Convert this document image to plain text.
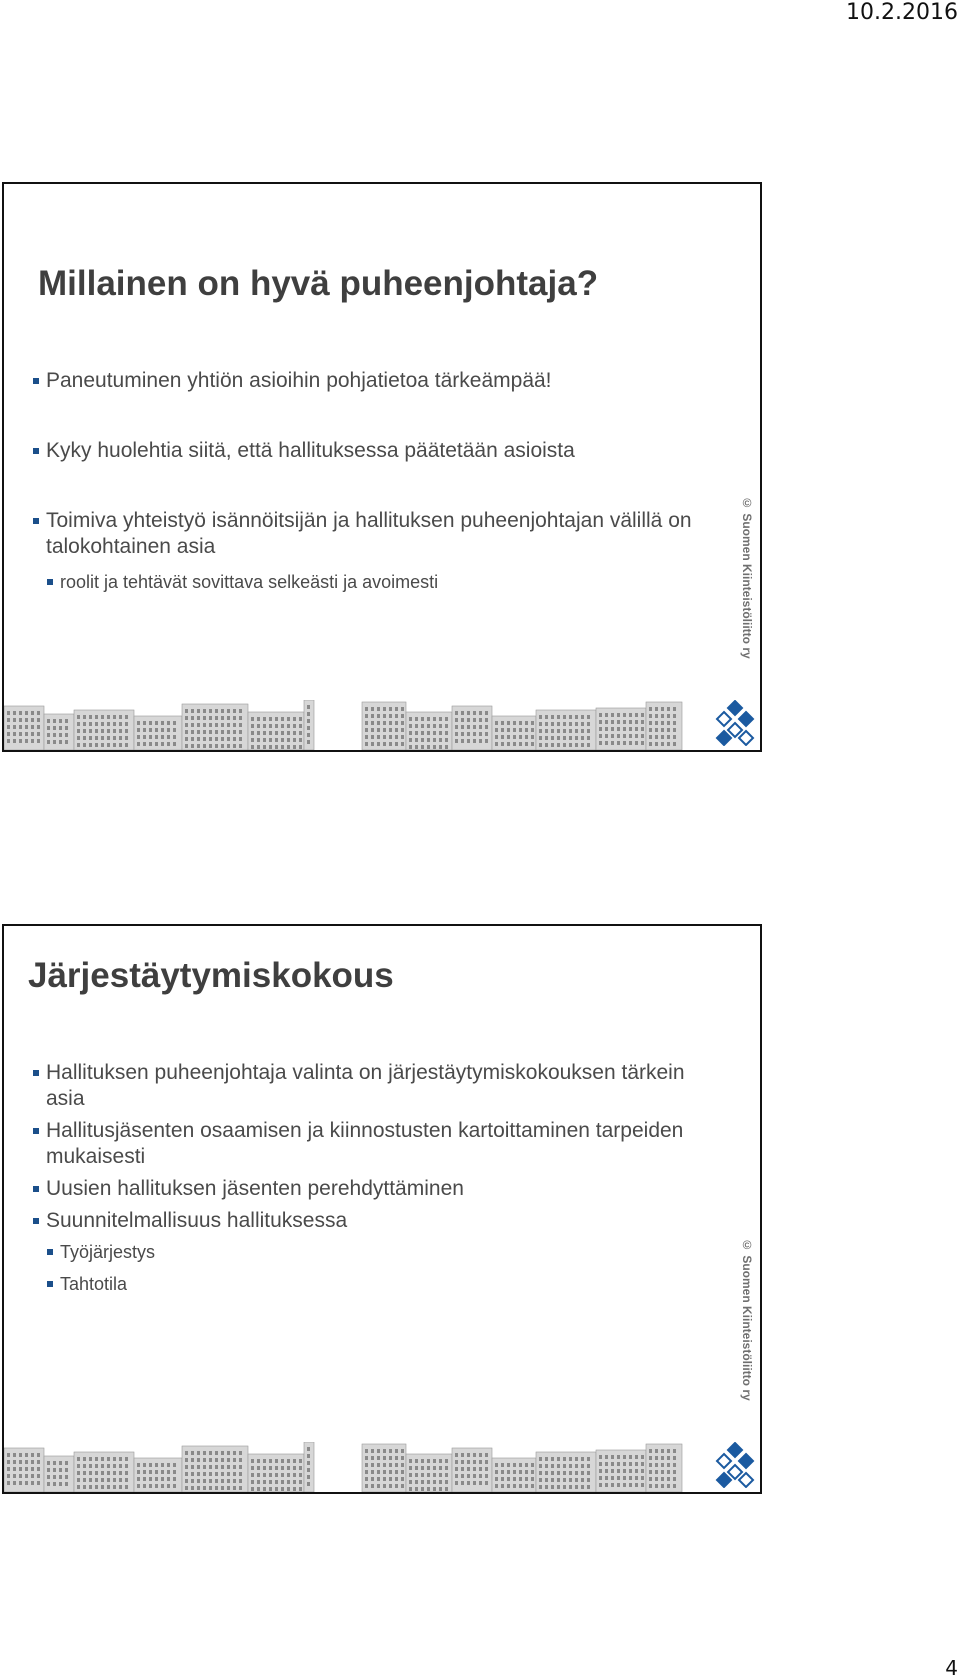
10.2.2016
Millainen on hyvä puheenjohtaja?
Paneutuminen yhtiön asioihin pohjatietoa tärkeämpää!
Kyky huolehtia siitä, että hallituksessa päätetään asioista
Toimiva yhteistyö isännöitsijän ja hallituksen puheenjohtajan välillä on talokohtainen asia
roolit ja tehtävät sovittava selkeästi ja avoimesti	© Suomen Kiinteistöliitto ry
Järjestäytymiskokous
Hallituksen puheenjohtaja valinta on järjestäytymiskokouksen tärkein asia
Hallitusjäsenten osaamisen ja kiinnostusten kartoittaminen tarpeiden mukaisesti
Uusien hallituksen jäsenten perehdyttäminen
Suunnitelmallisuus hallituksessa
Työjärjestys
Tahtotila	© Suomen Kiinteistöliitto ry
4
